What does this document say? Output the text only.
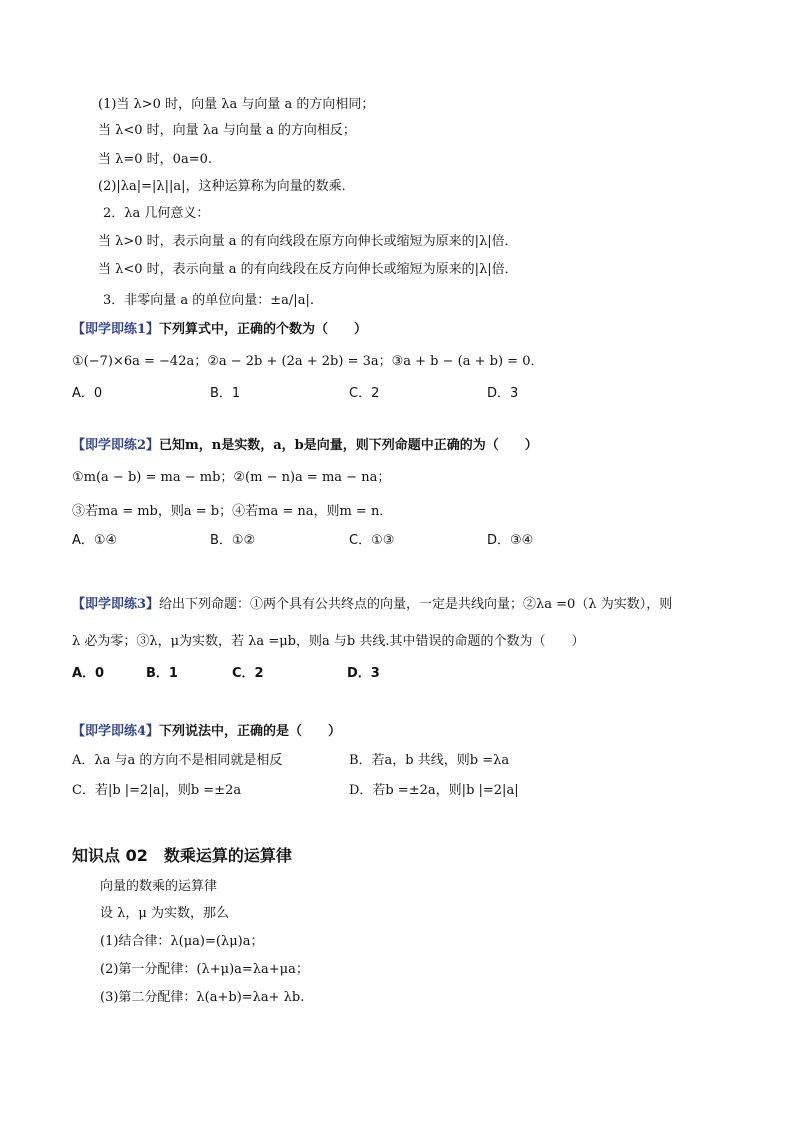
(1)当 λ>0 时，向量 λa 与向量 a 的方向相同；
当 λ<0 时，向量 λa 与向量 a 的方向相反；
当 λ=0 时，0a=0.
(2)|λa|=|λ||a|，这种运算称为向量的数乘．
2．λa 几何意义：
当 λ>0 时，表示向量 a 的有向线段在原方向伸长或缩短为原来的|λ|倍．
当 λ<0 时，表示向量 a 的有向线段在反方向伸长或缩短为原来的|λ|倍．
3．非零向量 a 的单位向量：±a/|a|.
【即学即练1】下列算式中，正确的个数为（　　）
①(−7)×6a = −42a；②a − 2b + (2a + 2b) = 3a；③a + b − (a + b) = 0．
A．0	B．1	C．2	D．3
【即学即练2】已知m，n是实数，a，b是向量，则下列命题中正确的为（　　）
①m(a − b) = ma − mb；②(m − n)a = ma − na；
③若ma = mb，则a = b；④若ma = na，则m = n．
A．①④	B．①②	C．①③	D．③④
【即学即练3】给出下列命题：①两个具有公共终点的向量，一定是共线向量；②λa =0（λ 为实数），则
λ 必为零；③λ，μ为实数，若 λa =μb，则a 与b 共线.其中错误的命题的个数为（　　）
A．0	B．1	C．2	D．3
【即学即练4】下列说法中，正确的是（　　）
A．λa 与a 的方向不是相同就是相反	B．若a，b 共线，则b =λa
C．若|b |=2|a|，则b =±2a	D．若b =±2a，则|b |=2|a|
知识点 02　数乘运算的运算律
向量的数乘的运算律
设 λ，μ 为实数，那么
(1)结合律：λ(μa)=(λμ)a；
(2)第一分配律：(λ+μ)a=λa+μa；
(3)第二分配律：λ(a+b)=λa+ λb.
